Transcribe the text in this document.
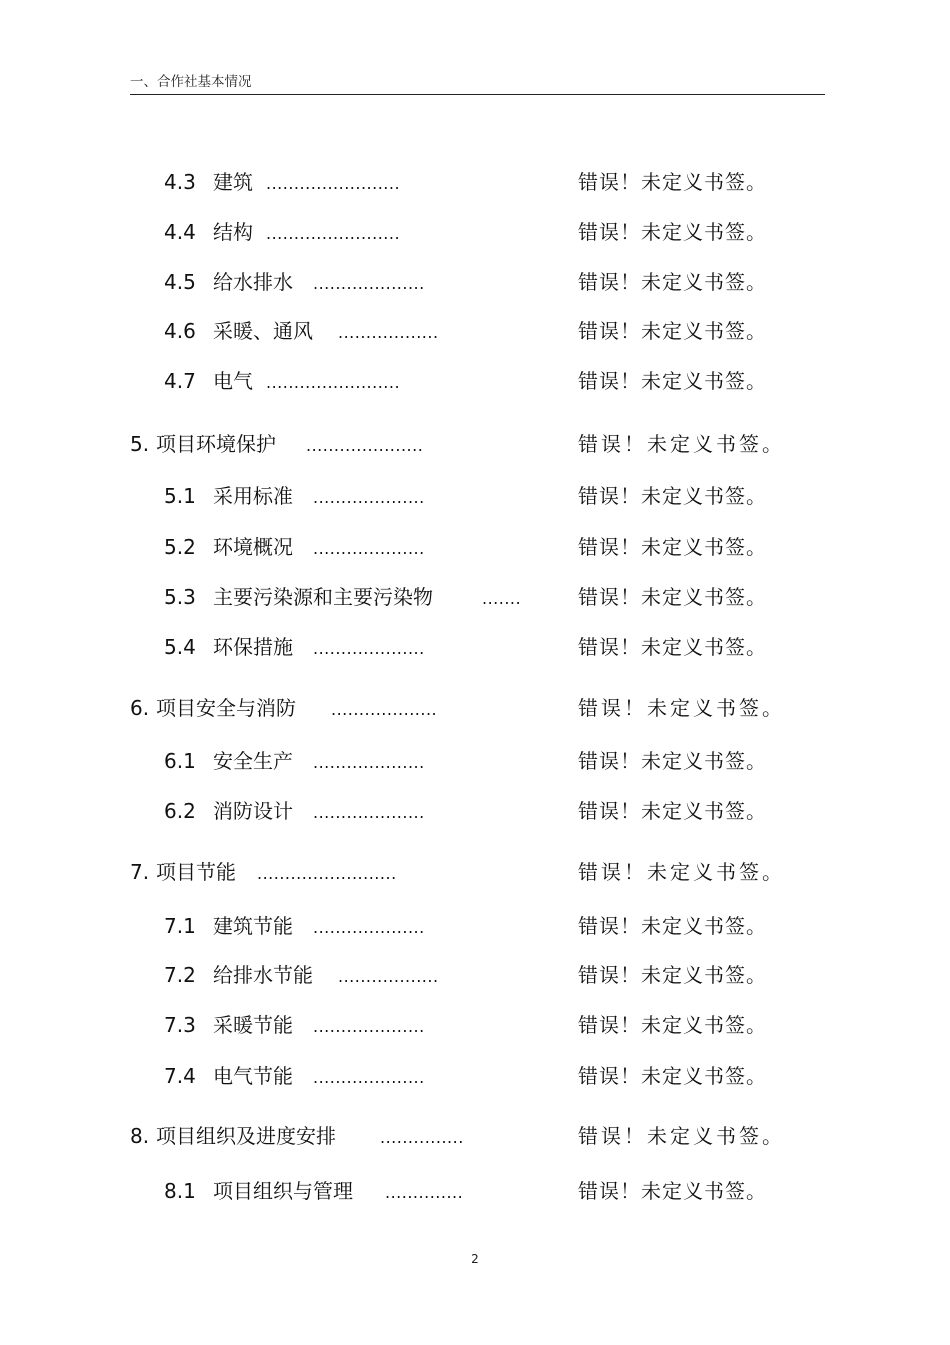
一、合作社基本情况
4.3 建筑 ........................	错误！未定义书签。
4.4 结构 ........................	错误！未定义书签。
4.5 给水排水 ....................	错误！未定义书签。
4.6 采暖、通风 ..................	错误！未定义书签。
4.7 电气 ........................	错误！未定义书签。
5. 项目环境保护 .....................	错误！未定义书签。
5.1 采用标准 ....................	错误！未定义书签。
5.2 环境概况 ....................	错误！未定义书签。
5.3 主要污染源和主要污染物	.......	错误！未定义书签。
5.4 环保措施 ....................	错误！未定义书签。
6. 项目安全与消防 ...................	错误！未定义书签。
6.1 安全生产 ....................	错误！未定义书签。
6.2 消防设计 ....................	错误！未定义书签。
7. 项目节能 .........................	错误！未定义书签。
7.1 建筑节能 ....................	错误！未定义书签。
7.2 给排水节能 ..................	错误！未定义书签。
7.3 采暖节能 ....................	错误！未定义书签。
7.4 电气节能 ....................	错误！未定义书签。
8. 项目组织及进度安排	...............	错误！未定义书签。
8.1 项目组织与管理 ..............	错误！未定义书签。
2
